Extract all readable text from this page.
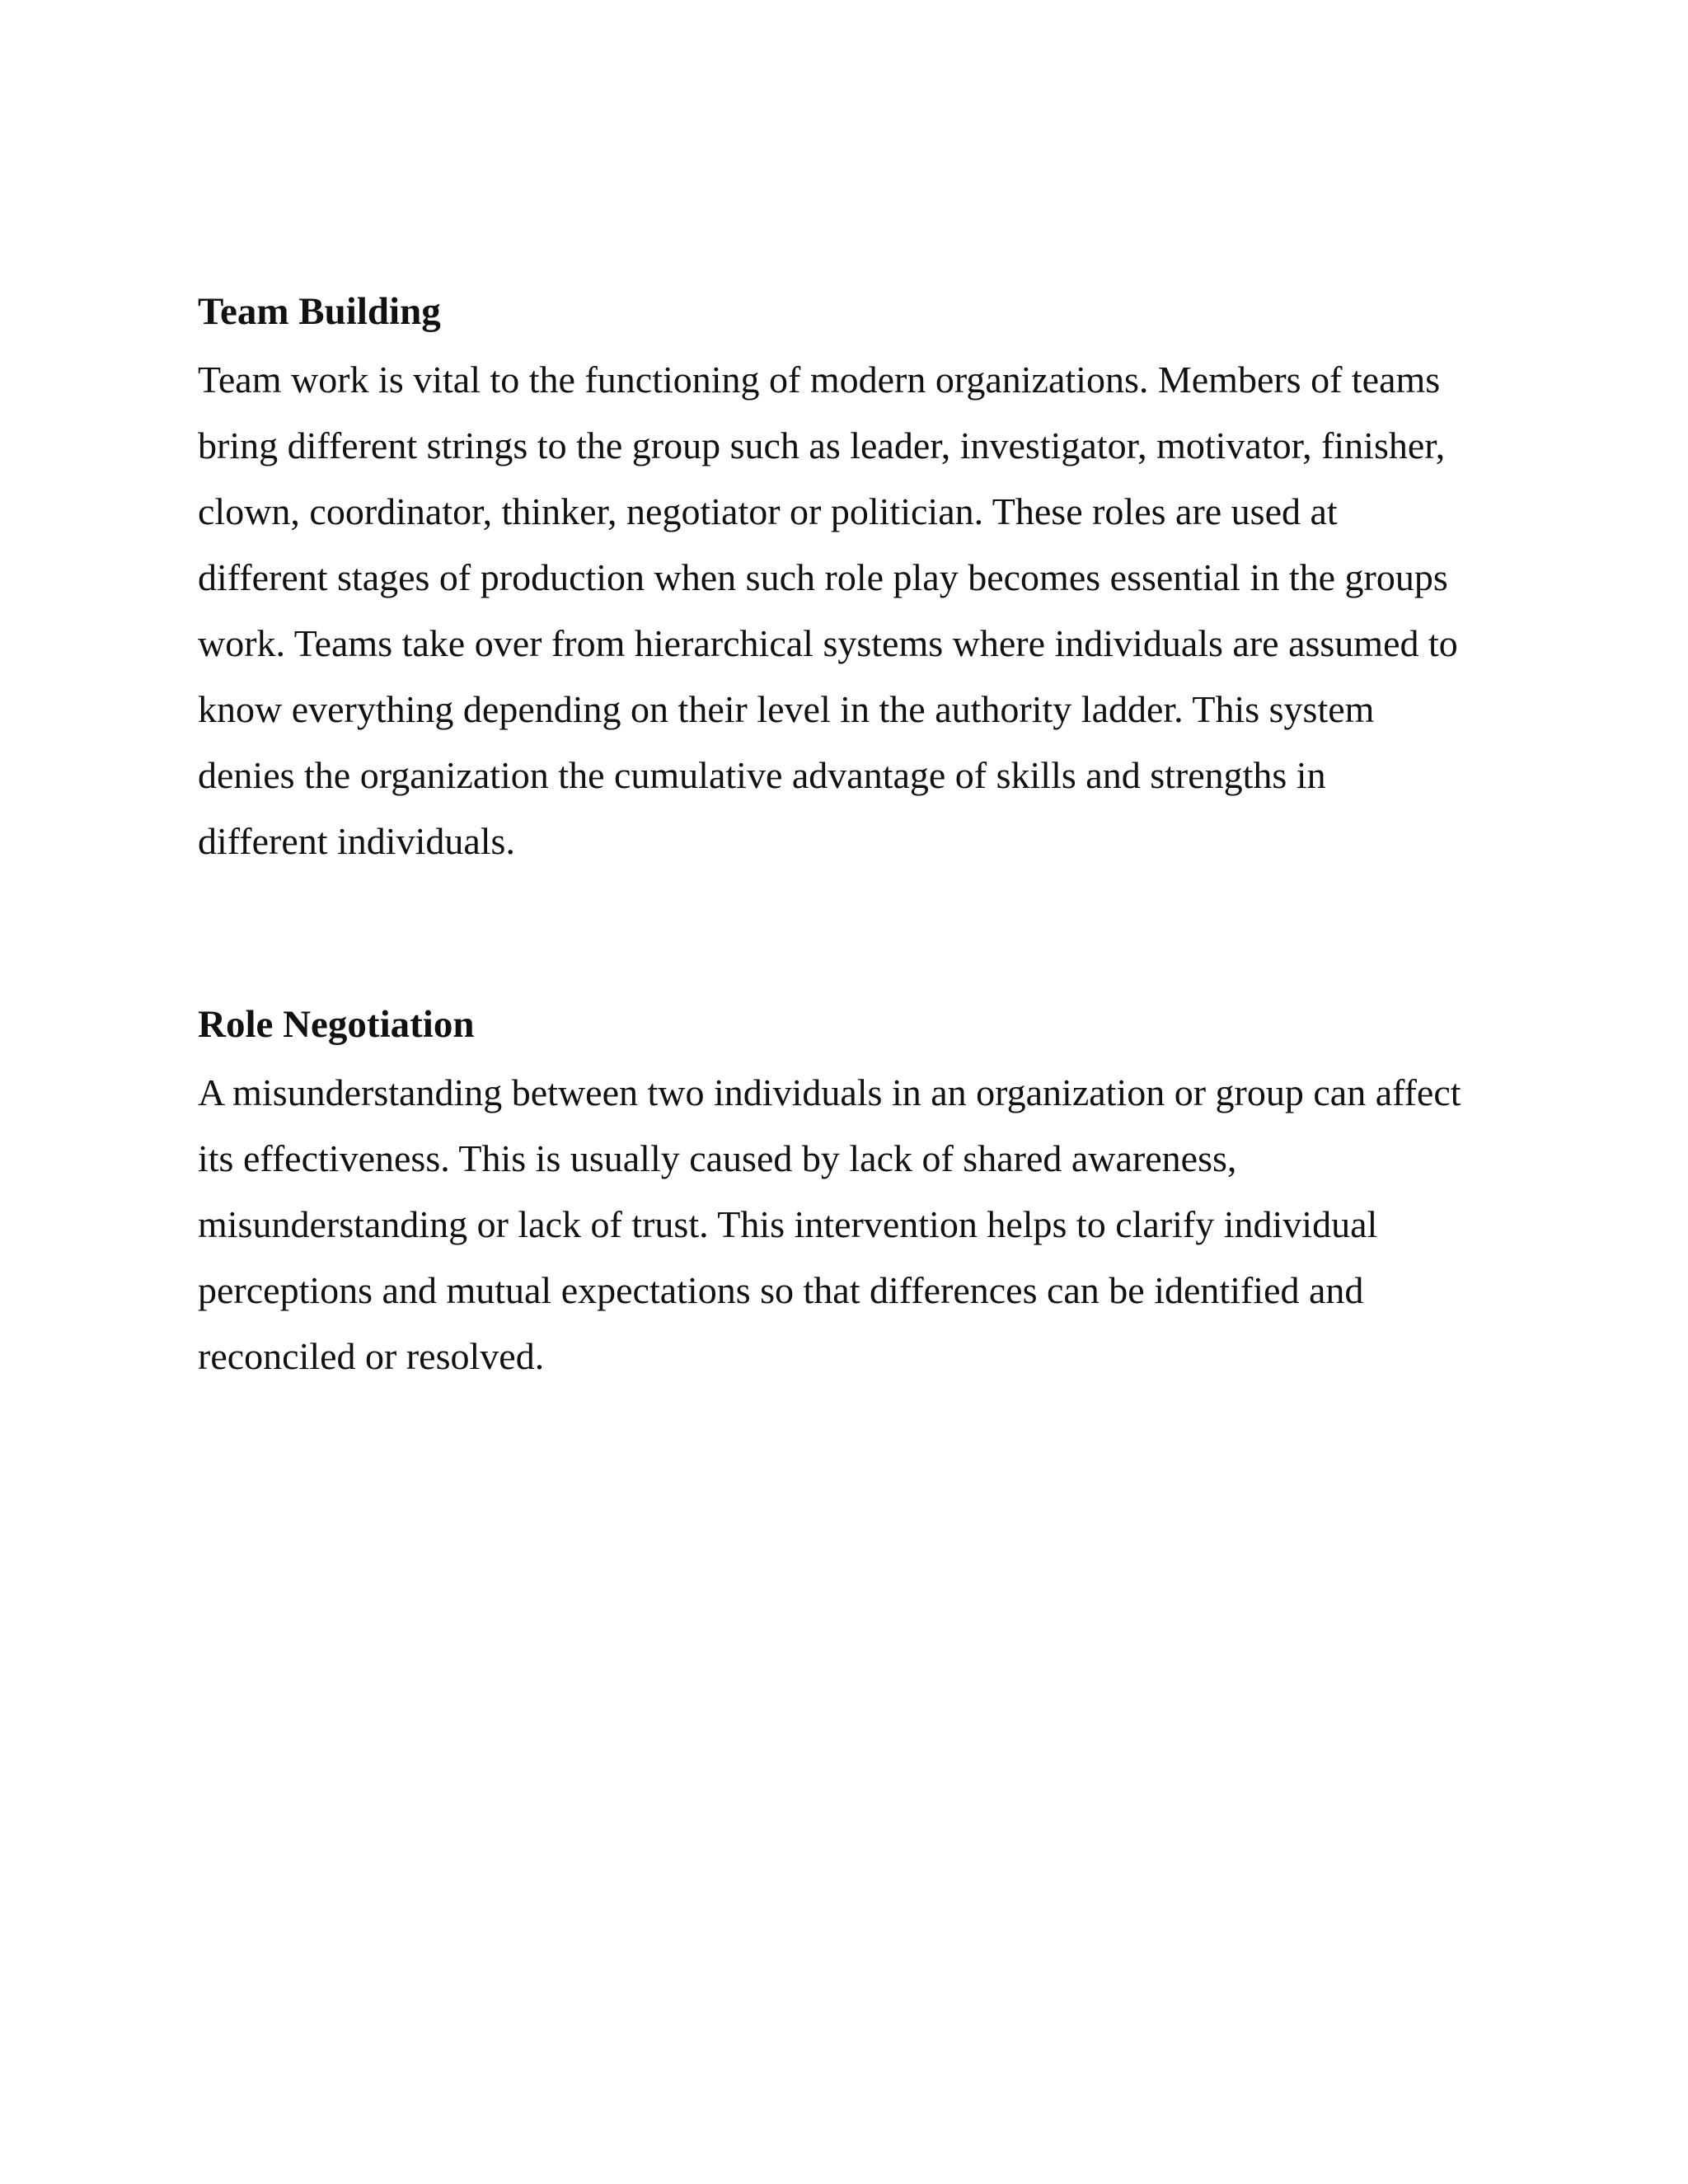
Team Building

Team work is vital to the functioning of modern organizations. Members of teams

bring different strings to the group such as leader, investigator, motivator, finisher,

clown, coordinator, thinker, negotiator or politician. These roles are used at

different stages of production when such role play becomes essential in the groups

work. Teams take over from hierarchical systems where individuals are assumed to

know everything depending on their level in the authority ladder. This system

denies the organization the cumulative advantage of skills and strengths in

different individuals.

Role Negotiation

A misunderstanding between two individuals in an organization or group can affect

its effectiveness. This is usually caused by lack of shared awareness,

misunderstanding or lack of trust. This intervention helps to clarify individual

perceptions and mutual expectations so that differences can be identified and

reconciled or resolved.
